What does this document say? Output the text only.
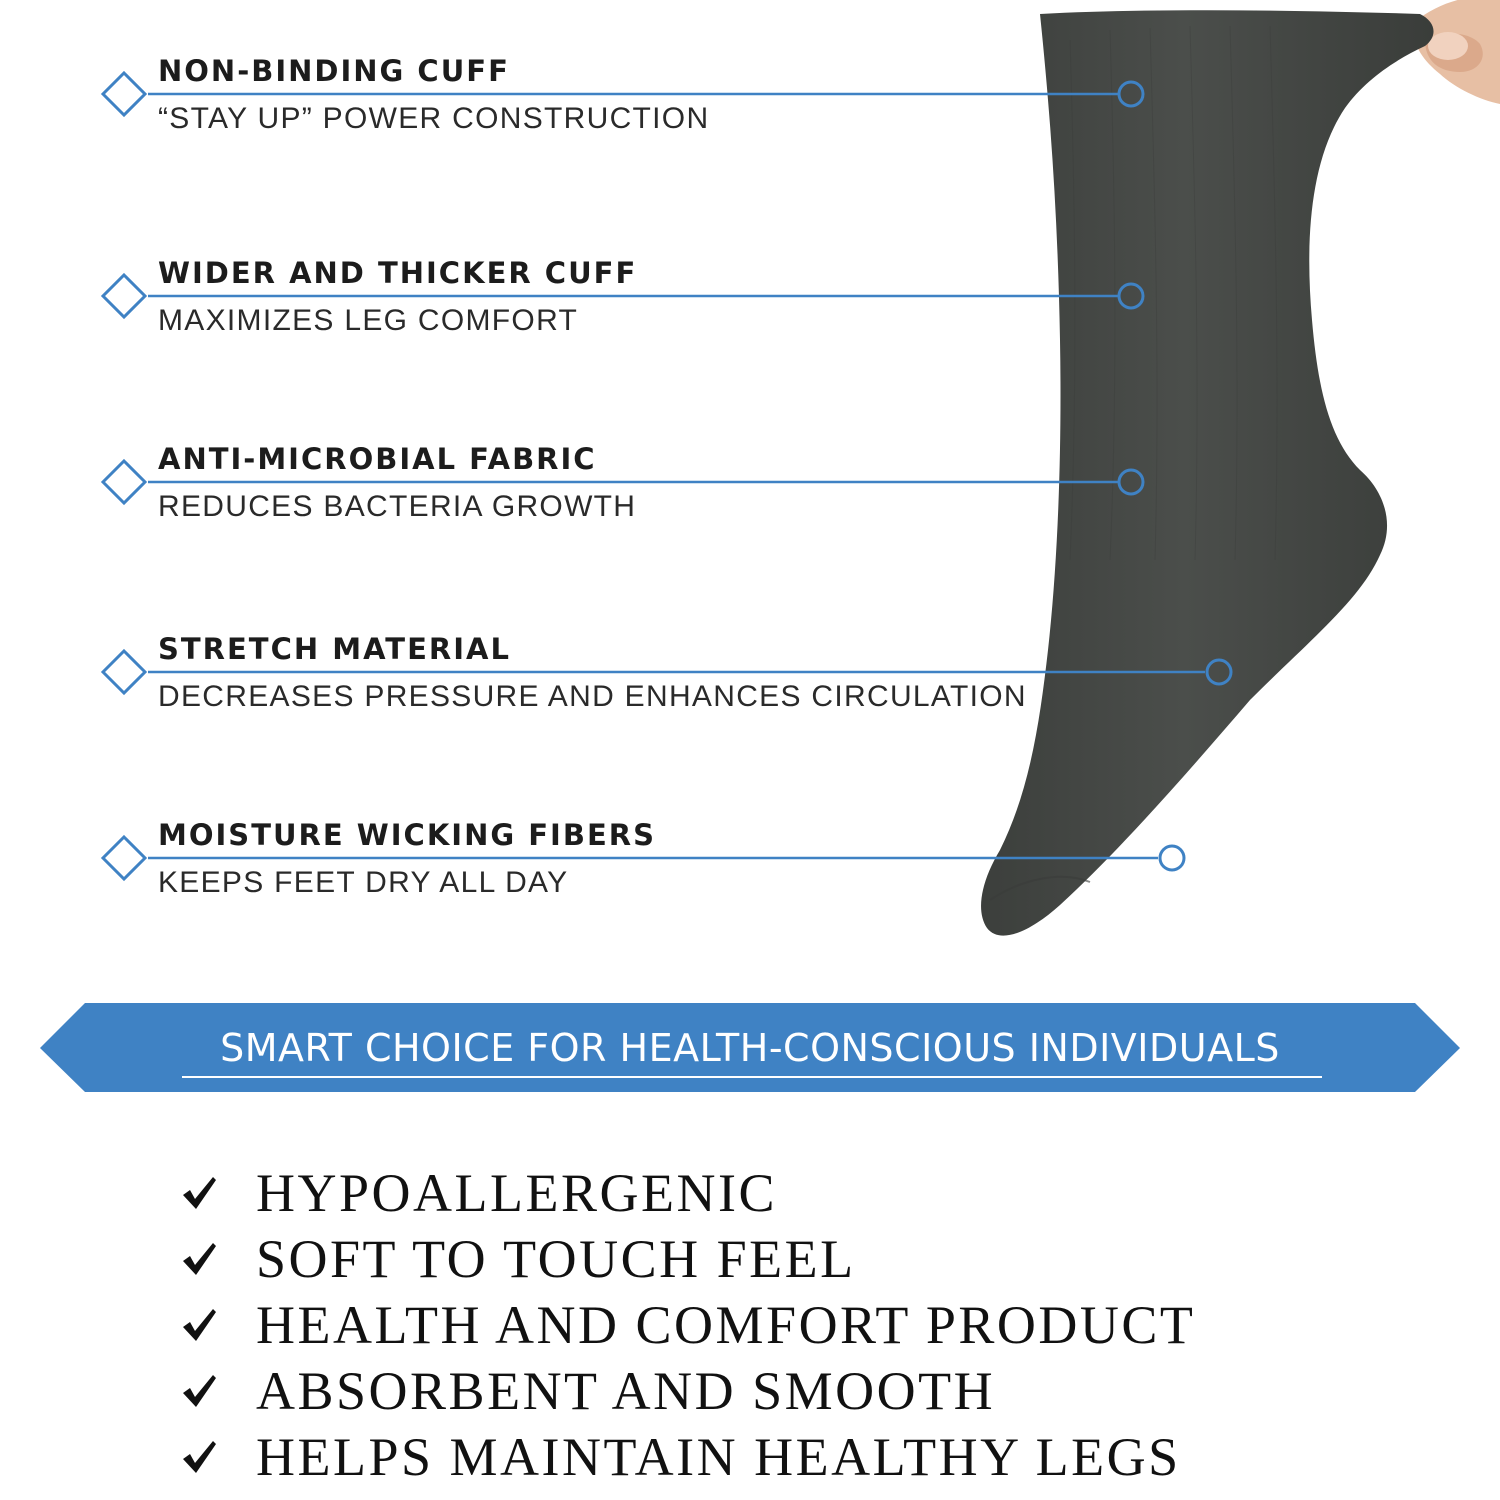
NON-BINDING CUFF
“STAY UP” POWER CONSTRUCTION
WIDER AND THICKER CUFF
MAXIMIZES LEG COMFORT
ANTI-MICROBIAL FABRIC
REDUCES BACTERIA GROWTH
STRETCH MATERIAL
DECREASES PRESSURE AND ENHANCES CIRCULATION
MOISTURE WICKING FIBERS
KEEPS FEET DRY ALL DAY
SMART CHOICE FOR HEALTH-CONSCIOUS INDIVIDUALS
HYPOALLERGENIC
SOFT TO TOUCH FEEL
HEALTH AND COMFORT PRODUCT
ABSORBENT AND SMOOTH
HELPS MAINTAIN HEALTHY LEGS
